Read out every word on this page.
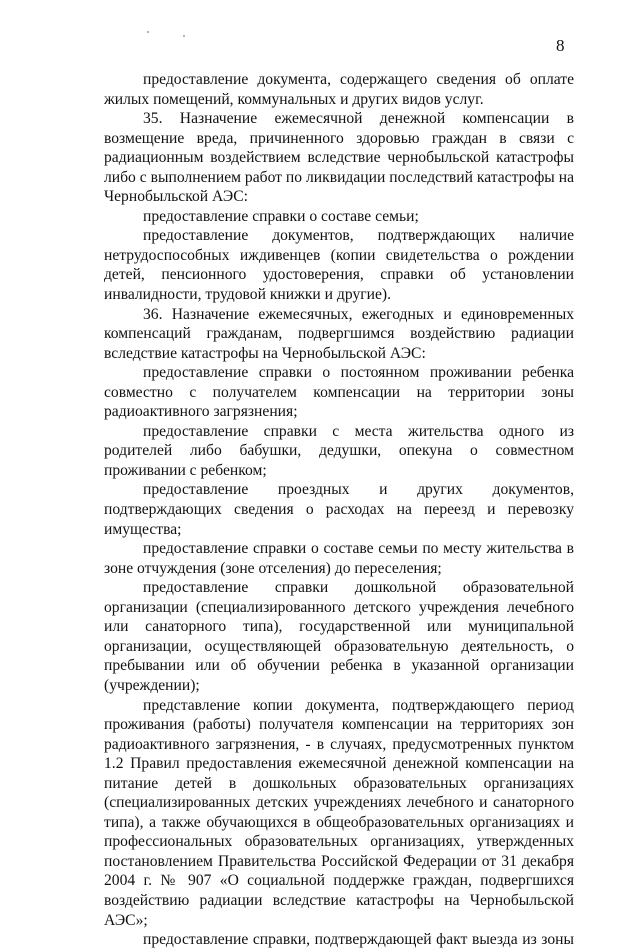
8

предоставление документа, содержащего сведения об оплате жилых помещений, коммунальных и других видов услуг.

35. Назначение ежемесячной денежной компенсации в возмещение вреда, причиненного здоровью граждан в связи с радиационным воздействием вследствие чернобыльской катастрофы либо с выполнением работ по ликвидации последствий катастрофы на Чернобыльской АЭС:

предоставление справки о составе семьи;

предоставление документов, подтверждающих наличие нетрудоспособных иждивенцев (копии свидетельства о рождении детей, пенсионного удостоверения, справки об установлении инвалидности, трудовой книжки и другие).

36. Назначение ежемесячных, ежегодных и единовременных компенсаций гражданам, подвергшимся воздействию радиации вследствие катастрофы на Чернобыльской АЭС:

предоставление справки о постоянном проживании ребенка совместно с получателем компенсации на территории зоны радиоактивного загрязнения;

предоставление справки с места жительства одного из родителей либо бабушки, дедушки, опекуна о совместном проживании с ребенком;

предоставление проездных и других документов, подтверждающих сведения о расходах на переезд и перевозку имущества;

предоставление справки о составе семьи по месту жительства в зоне отчуждения (зоне отселения) до переселения;

предоставление справки дошкольной образовательной организации (специализированного детского учреждения лечебного или санаторного типа), государственной или муниципальной организации, осуществляющей образовательную деятельность, о пребывании или об обучении ребенка в указанной организации (учреждении);

представление копии документа, подтверждающего период проживания (работы) получателя компенсации на территориях зон радиоактивного загрязнения, - в случаях, предусмотренных пунктом 1.2 Правил предоставления ежемесячной денежной компенсации на питание детей в дошкольных образовательных организациях (специализированных детских учреждениях лечебного и санаторного типа), а также обучающихся в общеобразовательных организациях и профессиональных образовательных организациях, утвержденных постановлением Правительства Российской Федерации от 31 декабря 2004 г. № 907 «О социальной поддержке граждан, подвергшихся воздействию радиации вследствие катастрофы на Чернобыльской АЭС»;

предоставление справки, подтверждающей факт выезда из зоны
